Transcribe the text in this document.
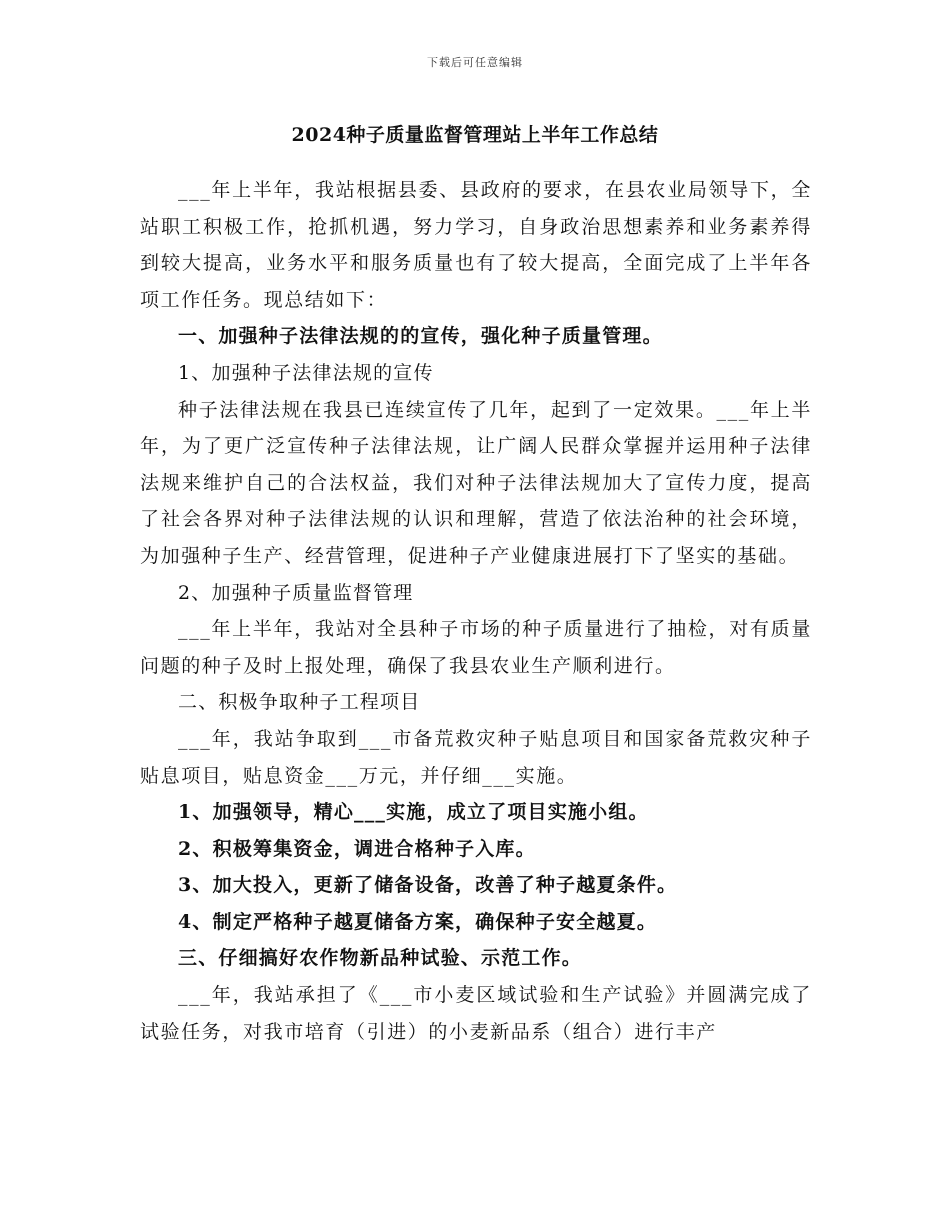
下载后可任意编辑
2024种子质量监督管理站上半年工作总结

___年上半年，我站根据县委、县政府的要求，在县农业局领导下，全站职工积极工作，抢抓机遇，努力学习，自身政治思想素养和业务素养得到较大提高，业务水平和服务质量也有了较大提高，全面完成了上半年各项工作任务。现总结如下：

一、加强种子法律法规的的宣传，强化种子质量管理。

1、加强种子法律法规的宣传

种子法律法规在我县已连续宣传了几年，起到了一定效果。___年上半年，为了更广泛宣传种子法律法规，让广阔人民群众掌握并运用种子法律法规来维护自己的合法权益，我们对种子法律法规加大了宣传力度，提高了社会各界对种子法律法规的认识和理解，营造了依法治种的社会环境，为加强种子生产、经营管理，促进种子产业健康进展打下了坚实的基础。

2、加强种子质量监督管理

___年上半年，我站对全县种子市场的种子质量进行了抽检，对有质量问题的种子及时上报处理，确保了我县农业生产顺利进行。

二、积极争取种子工程项目

___年，我站争取到___市备荒救灾种子贴息项目和国家备荒救灾种子贴息项目，贴息资金___万元，并仔细___实施。

1、加强领导，精心___实施，成立了项目实施小组。

2、积极筹集资金，调进合格种子入库。

3、加大投入，更新了储备设备，改善了种子越夏条件。

4、制定严格种子越夏储备方案，确保种子安全越夏。

三、仔细搞好农作物新品种试验、示范工作。

___年，我站承担了《___市小麦区域试验和生产试验》并圆满完成了试验任务，对我市培育（引进）的小麦新品系（组合）进行丰产
